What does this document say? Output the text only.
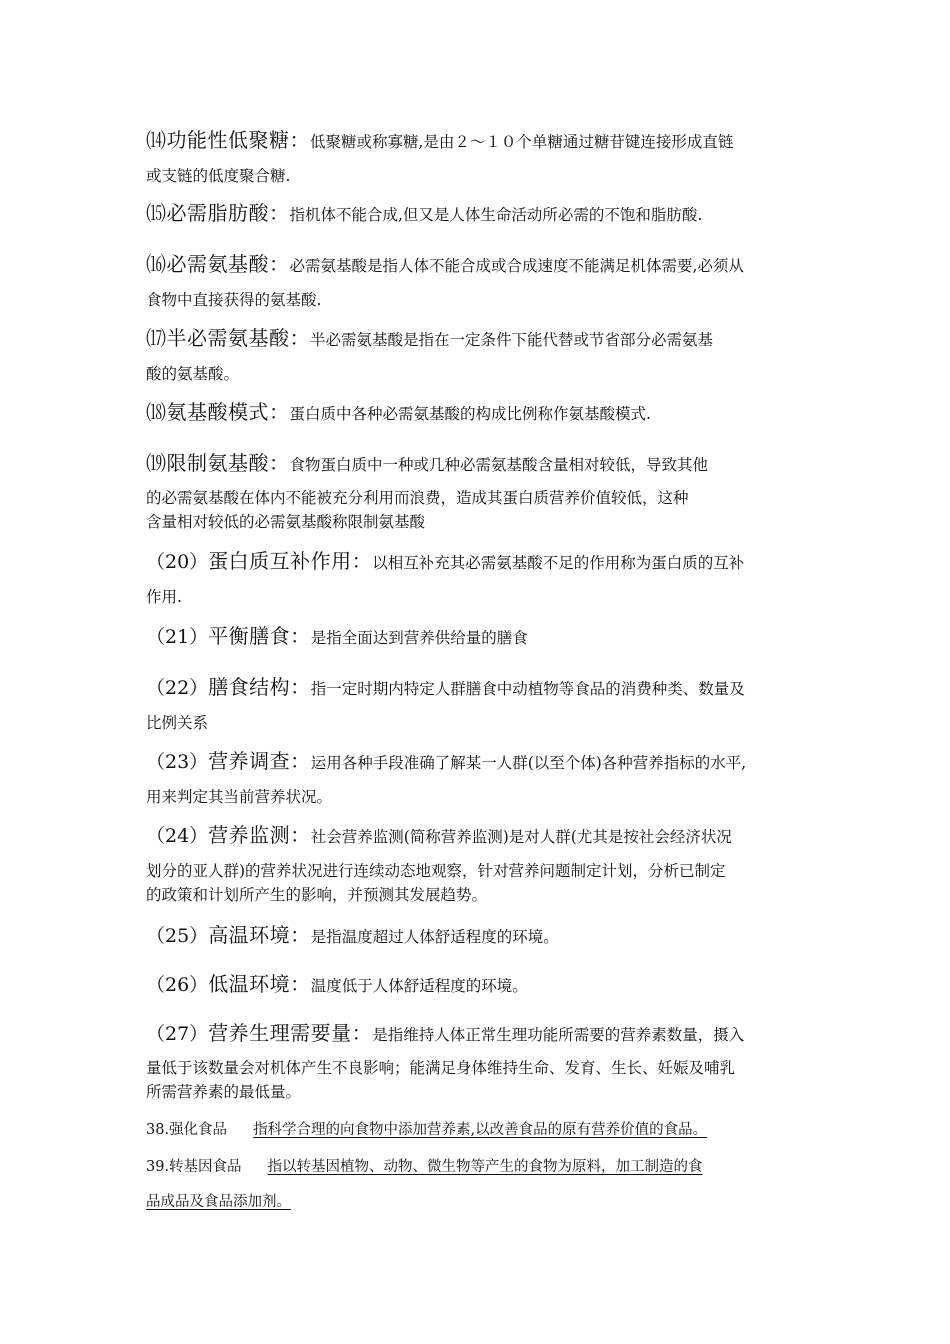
⒁功能性低聚糖：低聚糖或称寡糖,是由２～１０个单糖通过糖苷键连接形成直链
或支链的低度聚合糖.
⒂必需脂肪酸：指机体不能合成,但又是人体生命活动所必需的不饱和脂肪酸.
⒃必需氨基酸：必需氨基酸是指人体不能合成或合成速度不能满足机体需要,必须从
食物中直接获得的氨基酸.
⒄半必需氨基酸：半必需氨基酸是指在一定条件下能代替或节省部分必需氨基
酸的氨基酸。
⒅氨基酸模式：蛋白质中各种必需氨基酸的构成比例称作氨基酸模式.
⒆限制氨基酸：食物蛋白质中一种或几种必需氨基酸含量相对较低，导致其他
的必需氨基酸在体内不能被充分利用而浪费，造成其蛋白质营养价值较低，这种
含量相对较低的必需氨基酸称限制氨基酸
（20）蛋白质互补作用：以相互补充其必需氨基酸不足的作用称为蛋白质的互补
作用.
（21）平衡膳食：是指全面达到营养供给量的膳食
（22）膳食结构：指一定时期内特定人群膳食中动植物等食品的消费种类、数量及
比例关系
（23）营养调查：运用各种手段准确了解某一人群(以至个体)各种营养指标的水平,
用来判定其当前营养状况。
（24）营养监测：社会营养监测(简称营养监测)是对人群(尤其是按社会经济状况
划分的亚人群)的营养状况进行连续动态地观察，针对营养问题制定计划，分析已制定
的政策和计划所产生的影响，并预测其发展趋势。
（25）高温环境：是指温度超过人体舒适程度的环境。
（26）低温环境：温度低于人体舒适程度的环境。
（27）营养生理需要量：是指维持人体正常生理功能所需要的营养素数量，摄入
量低于该数量会对机体产生不良影响；能满足身体维持生命、发育、生长、妊娠及哺乳
所需营养素的最低量。
38.强化食品 指科学合理的向食物中添加营养素,以改善食品的原有营养价值的食品。
39.转基因食品 指以转基因植物、动物、微生物等产生的食物为原料，加工制造的食
品成品及食品添加剂。
